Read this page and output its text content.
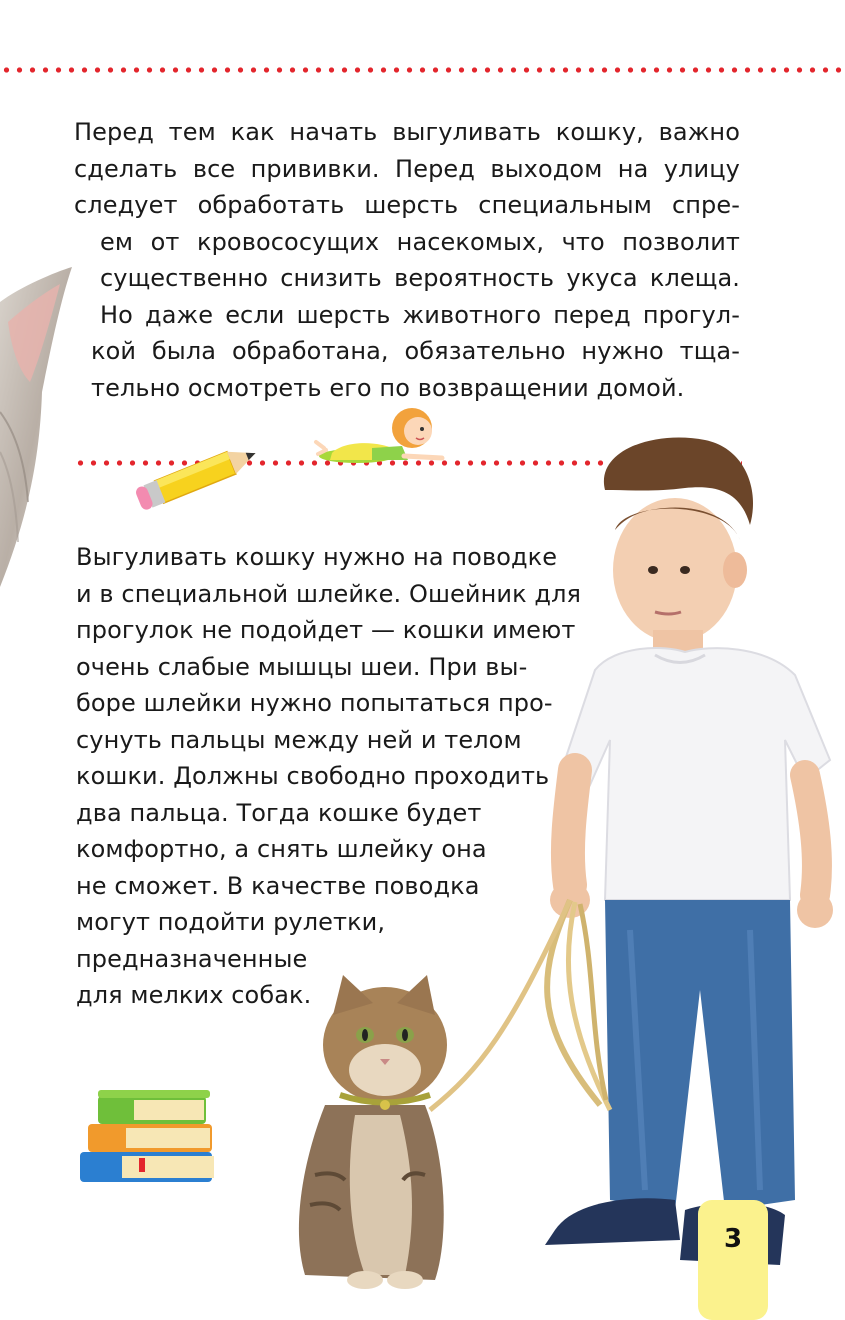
Перед тем как начать выгуливать кошку, важно
сделать все прививки. Перед выходом на улицу
следует обработать шерсть специальным спре-
ем от кровососущих насекомых, что позволит
существенно снизить вероятность укуса клеща.
Но даже если шерсть животного перед прогул-
кой была обработана, обязательно нужно тща-
тельно осмотреть его по возвращении домой.
Выгуливать кошку нужно на поводке
и в специальной шлейке. Ошейник для
прогулок не подойдет — кошки имеют
очень слабые мышцы шеи. При вы-
боре шлейки нужно попытаться про-
сунуть пальцы между ней и телом
кошки. Должны свободно проходить
два пальца. Тогда кошке будет
комфортно, а снять шлейку она
не сможет. В качестве поводка
могут подойти рулетки,
предназначенные
для мелких собак.
3
